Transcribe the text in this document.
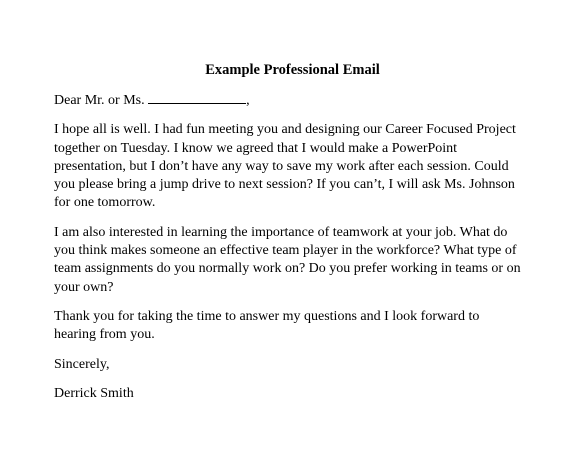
Example Professional Email

Dear Mr. or Ms.	,

I hope all is well. I had fun meeting you and designing our Career Focused Project
together on Tuesday. I know we agreed that I would make a PowerPoint
presentation, but I don’t have any way to save my work after each session. Could
you please bring a jump drive to next session? If you can’t, I will ask Ms. Johnson
for one tomorrow.

I am also interested in learning the importance of teamwork at your job. What do
you think makes someone an effective team player in the workforce? What type of
team assignments do you normally work on? Do you prefer working in teams or on
your own?

Thank you for taking the time to answer my questions and I look forward to
hearing from you.

Sincerely,

Derrick Smith
